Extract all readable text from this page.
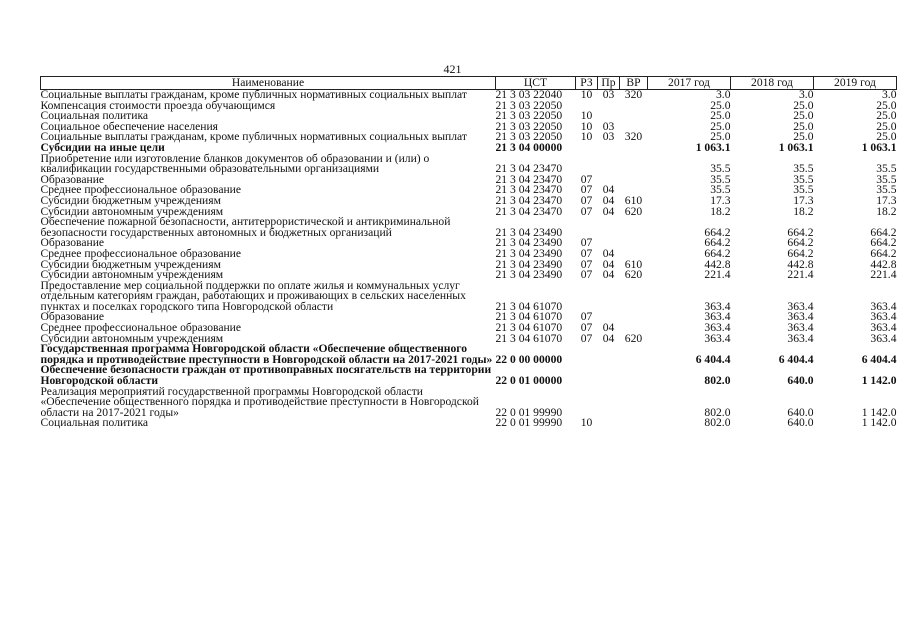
421
Наименование	ЦСТ	РЗ	Пр	ВР	2017 год	2018 год	2019 год
Социальные выплаты гражданам, кроме публичных нормативных социальных выплат	21 3 03 22040	10	03	320	3.0	3.0	3.0
Компенсация стоимости проезда обучающимся	21 3 03 22050				25.0	25.0	25.0
Социальная политика	21 3 03 22050	10			25.0	25.0	25.0
Социальное обеспечение населения	21 3 03 22050	10	03		25.0	25.0	25.0
Социальные выплаты гражданам, кроме публичных нормативных социальных выплат	21 3 03 22050	10	03	320	25.0	25.0	25.0
Субсидии на иные цели	21 3 04 00000				1 063.1	1 063.1	1 063.1
Приобретение или изготовление бланков документов об образовании и (или) о квалификации государственными образовательными организациями	21 3 04 23470				35.5	35.5	35.5
Образование	21 3 04 23470	07			35.5	35.5	35.5
Среднее профессиональное образование	21 3 04 23470	07	04		35.5	35.5	35.5
Субсидии бюджетным учреждениям	21 3 04 23470	07	04	610	17.3	17.3	17.3
Субсидии автономным учреждениям	21 3 04 23470	07	04	620	18.2	18.2	18.2
Обеспечение пожарной безопасности, антитеррористической и антикриминальной безопасности государственных автономных и бюджетных организаций	21 3 04 23490				664.2	664.2	664.2
Образование	21 3 04 23490	07			664.2	664.2	664.2
Среднее профессиональное образование	21 3 04 23490	07	04		664.2	664.2	664.2
Субсидии бюджетным учреждениям	21 3 04 23490	07	04	610	442.8	442.8	442.8
Субсидии автономным учреждениям	21 3 04 23490	07	04	620	221.4	221.4	221.4
Предоставление мер социальной поддержки по оплате жилья и коммунальных услуг отдельным категориям граждан, работающих и проживающих в сельских населенных пунктах и поселках городского типа Новгородской области	21 3 04 61070				363.4	363.4	363.4
Образование	21 3 04 61070	07			363.4	363.4	363.4
Среднее профессиональное образование	21 3 04 61070	07	04		363.4	363.4	363.4
Субсидии автономным учреждениям	21 3 04 61070	07	04	620	363.4	363.4	363.4
Государственная программа Новгородской области «Обеспечение общественного порядка и противодействие преступности в Новгородской области на 2017-2021 годы»	22 0 00 00000				6 404.4	6 404.4	6 404.4
Обеспечение безопасности граждан от противоправных посягательств на территории Новгородской области	22 0 01 00000				802.0	640.0	1 142.0
Реализация мероприятий государственной программы Новгородской области «Обеспечение общественного порядка и противодействие преступности в Новгородской области на 2017-2021 годы»	22 0 01 99990				802.0	640.0	1 142.0
Социальная политика	22 0 01 99990	10			802.0	640.0	1 142.0
